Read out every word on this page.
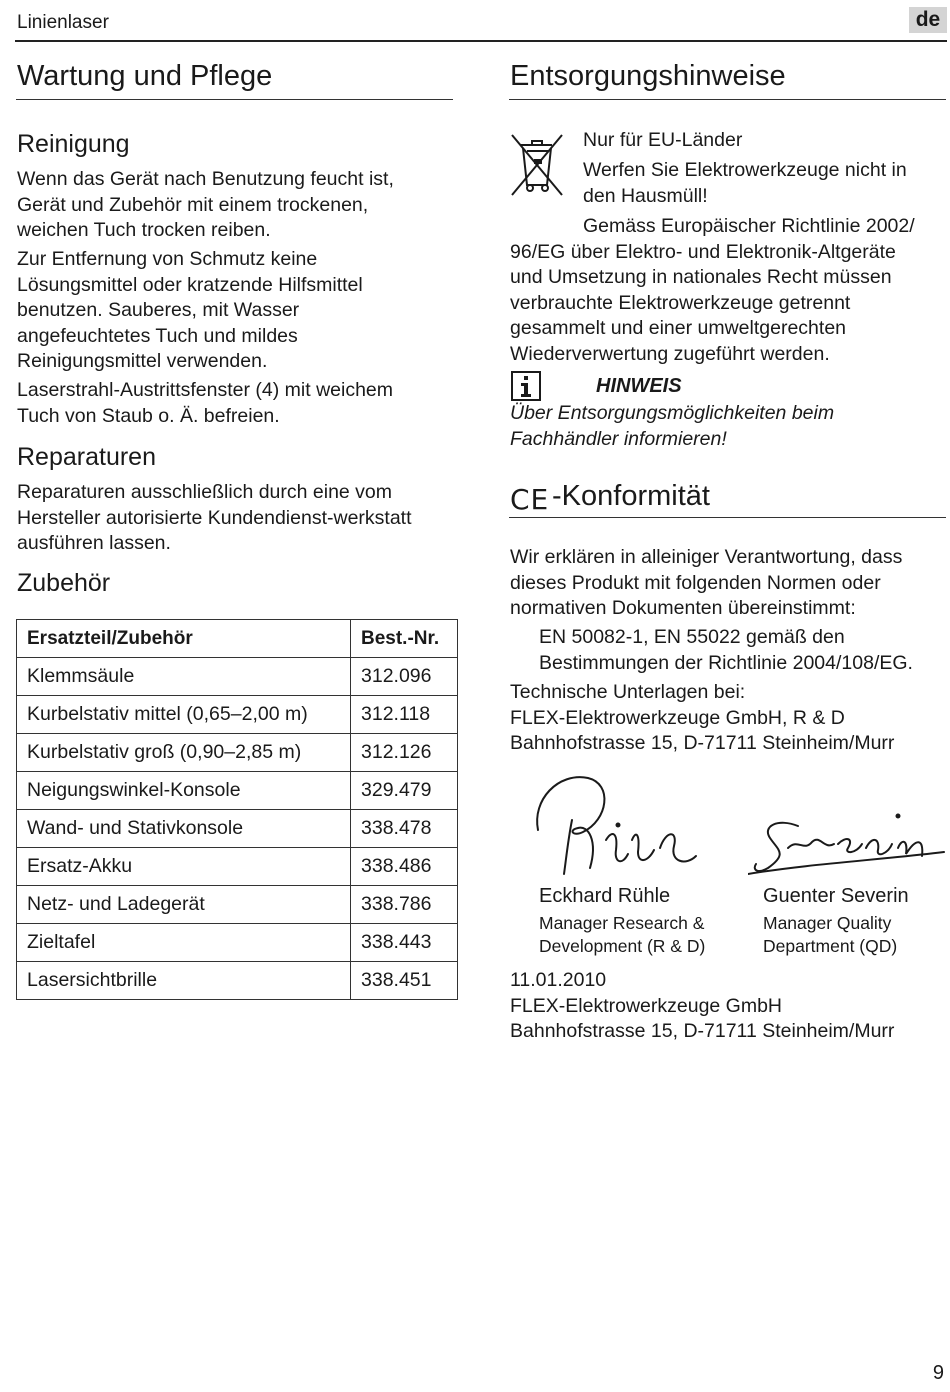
Linienlaser	de
Wartung und Pflege
Reinigung
Wenn das Gerät nach Benutzung feucht ist,
Gerät und Zubehör mit einem trockenen,
weichen Tuch trocken reiben.
Zur Entfernung von Schmutz keine
Lösungsmittel oder kratzende Hilfsmittel
benutzen. Sauberes, mit Wasser
angefeuchtetes Tuch und mildes
Reinigungsmittel verwenden.
Laserstrahl-Austrittsfenster (4) mit weichem
Tuch von Staub o. Ä. befreien.
Reparaturen
Reparaturen ausschließlich durch eine vom
Hersteller autorisierte Kundendienst-werkstatt
ausführen lassen.
Zubehör
Ersatzteil/Zubehör	Best.-Nr.
Klemmsäule	312.096
Kurbelstativ mittel (0,65–2,00 m)	312.118
Kurbelstativ groß (0,90–2,85 m)	312.126
Neigungswinkel-Konsole	329.479
Wand- und Stativkonsole	338.478
Ersatz-Akku	338.486
Netz- und Ladegerät	338.786
Zieltafel	338.443
Lasersichtbrille	338.451
Entsorgungshinweise
Nur für EU-Länder
Werfen Sie Elektrowerkzeuge nicht in
den Hausmüll!
Gemäss Europäischer Richtlinie 2002/
96/EG über Elektro- und Elektronik-Altgeräte
und Umsetzung in nationales Recht müssen
verbrauchte Elektrowerkzeuge getrennt
gesammelt und einer umweltgerechten
Wiederverwertung zugeführt werden.
HINWEIS
Über Entsorgungsmöglichkeiten beim
Fachhändler informieren!
CE -Konformität
Wir erklären in alleiniger Verantwortung, dass
dieses Produkt mit folgenden Normen oder
normativen Dokumenten übereinstimmt:
EN 50082-1, EN 55022 gemäß den
Bestimmungen der Richtlinie 2004/108/EG.
Technische Unterlagen bei:
FLEX-Elektrowerkzeuge GmbH, R & D
Bahnhofstrasse 15, D-71711 Steinheim/Murr
Eckhard Rühle
Manager Research &
Development (R & D)
Guenter Severin
Manager Quality
Department (QD)
11.01.2010
FLEX-Elektrowerkzeuge GmbH
Bahnhofstrasse 15, D-71711 Steinheim/Murr
9
